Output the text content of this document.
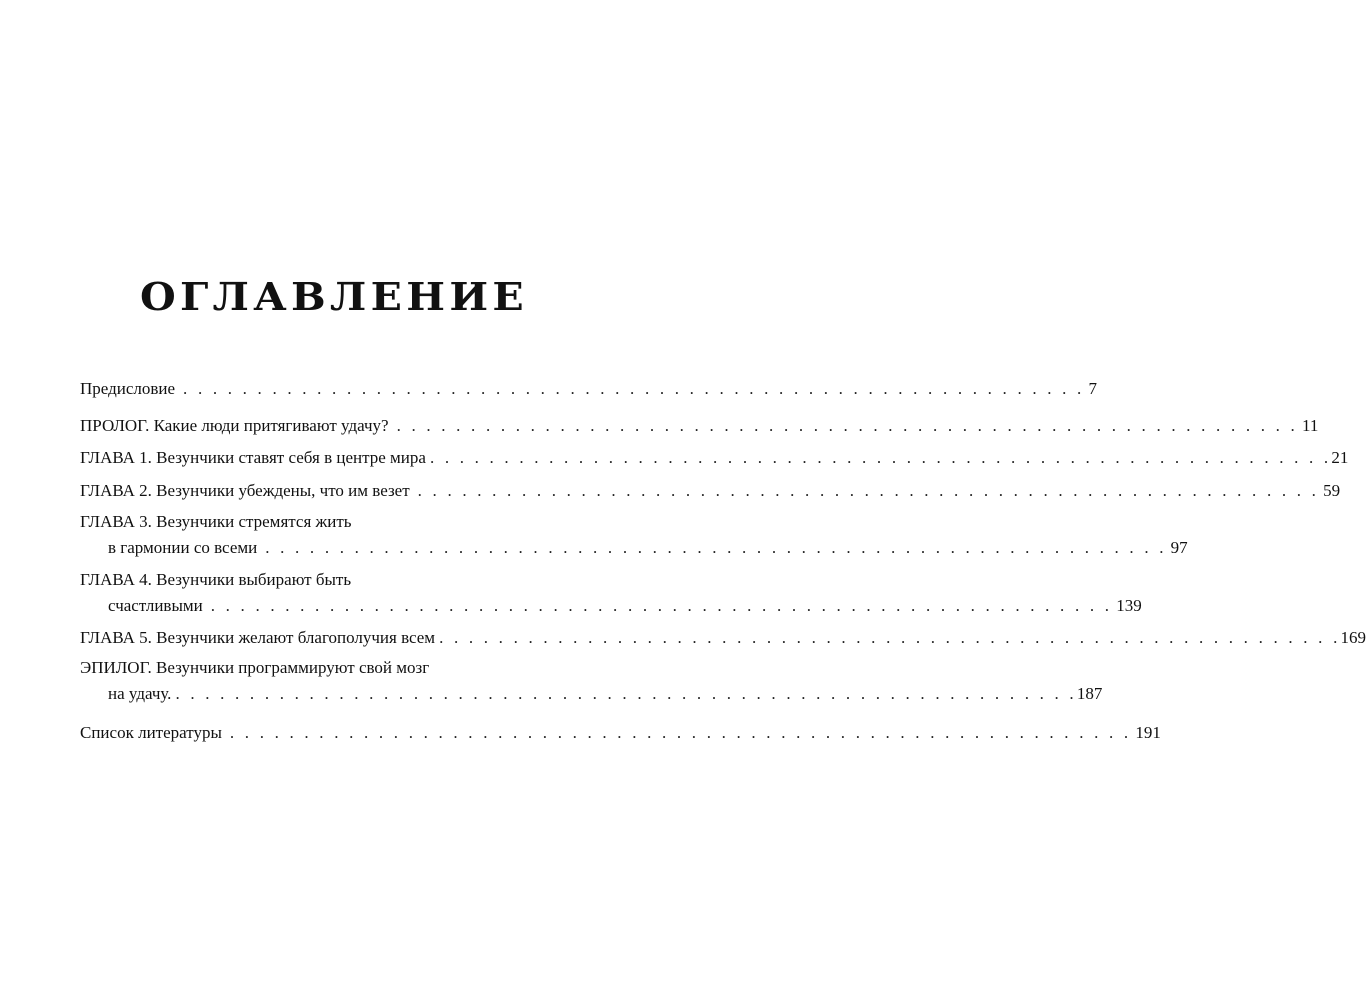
ОГЛАВЛЕНИЕ
Предисловие . . . . . . . . . . . . . . . . . . . . . . . . . . . . . . . . . . . . . . . . . . . . . . . . . . . . . . . . . . . . . 7
ПРОЛОГ. Какие люди притягивают удачу? . . . . . . . . . . . . . . . . . . . . . . . . . . . . . . . . . . . . . . . . . . . . . . . . . . . . . . . . . . . . . 11
ГЛАВА 1. Везунчики ставят себя в центре мира . . . . . . . . . . . . . . . . . . . . . . . . . . . . . . . . . . . . . . . . . . . . . . . . . . . . . . . . . . . . . 21
ГЛАВА 2. Везунчики убеждены, что им везет . . . . . . . . . . . . . . . . . . . . . . . . . . . . . . . . . . . . . . . . . . . . . . . . . . . . . . . . . . . . . 59
ГЛАВА 3. Везунчики стремятся жить
в гармонии со всеми . . . . . . . . . . . . . . . . . . . . . . . . . . . . . . . . . . . . . . . . . . . . . . . . . . . . . . . . . . . . . 97
ГЛАВА 4. Везунчики выбирают быть
счастливыми . . . . . . . . . . . . . . . . . . . . . . . . . . . . . . . . . . . . . . . . . . . . . . . . . . . . . . . . . . . . . 139
ГЛАВА 5. Везунчики желают благополучия всем . . . . . . . . . . . . . . . . . . . . . . . . . . . . . . . . . . . . . . . . . . . . . . . . . . . . . . . . . . . . . 169
ЭПИЛОГ. Везунчики программируют свой мозг
на удачу. . . . . . . . . . . . . . . . . . . . . . . . . . . . . . . . . . . . . . . . . . . . . . . . . . . . . . . . . . . . . . 187
Список литературы . . . . . . . . . . . . . . . . . . . . . . . . . . . . . . . . . . . . . . . . . . . . . . . . . . . . . . . . . . . . . 191
